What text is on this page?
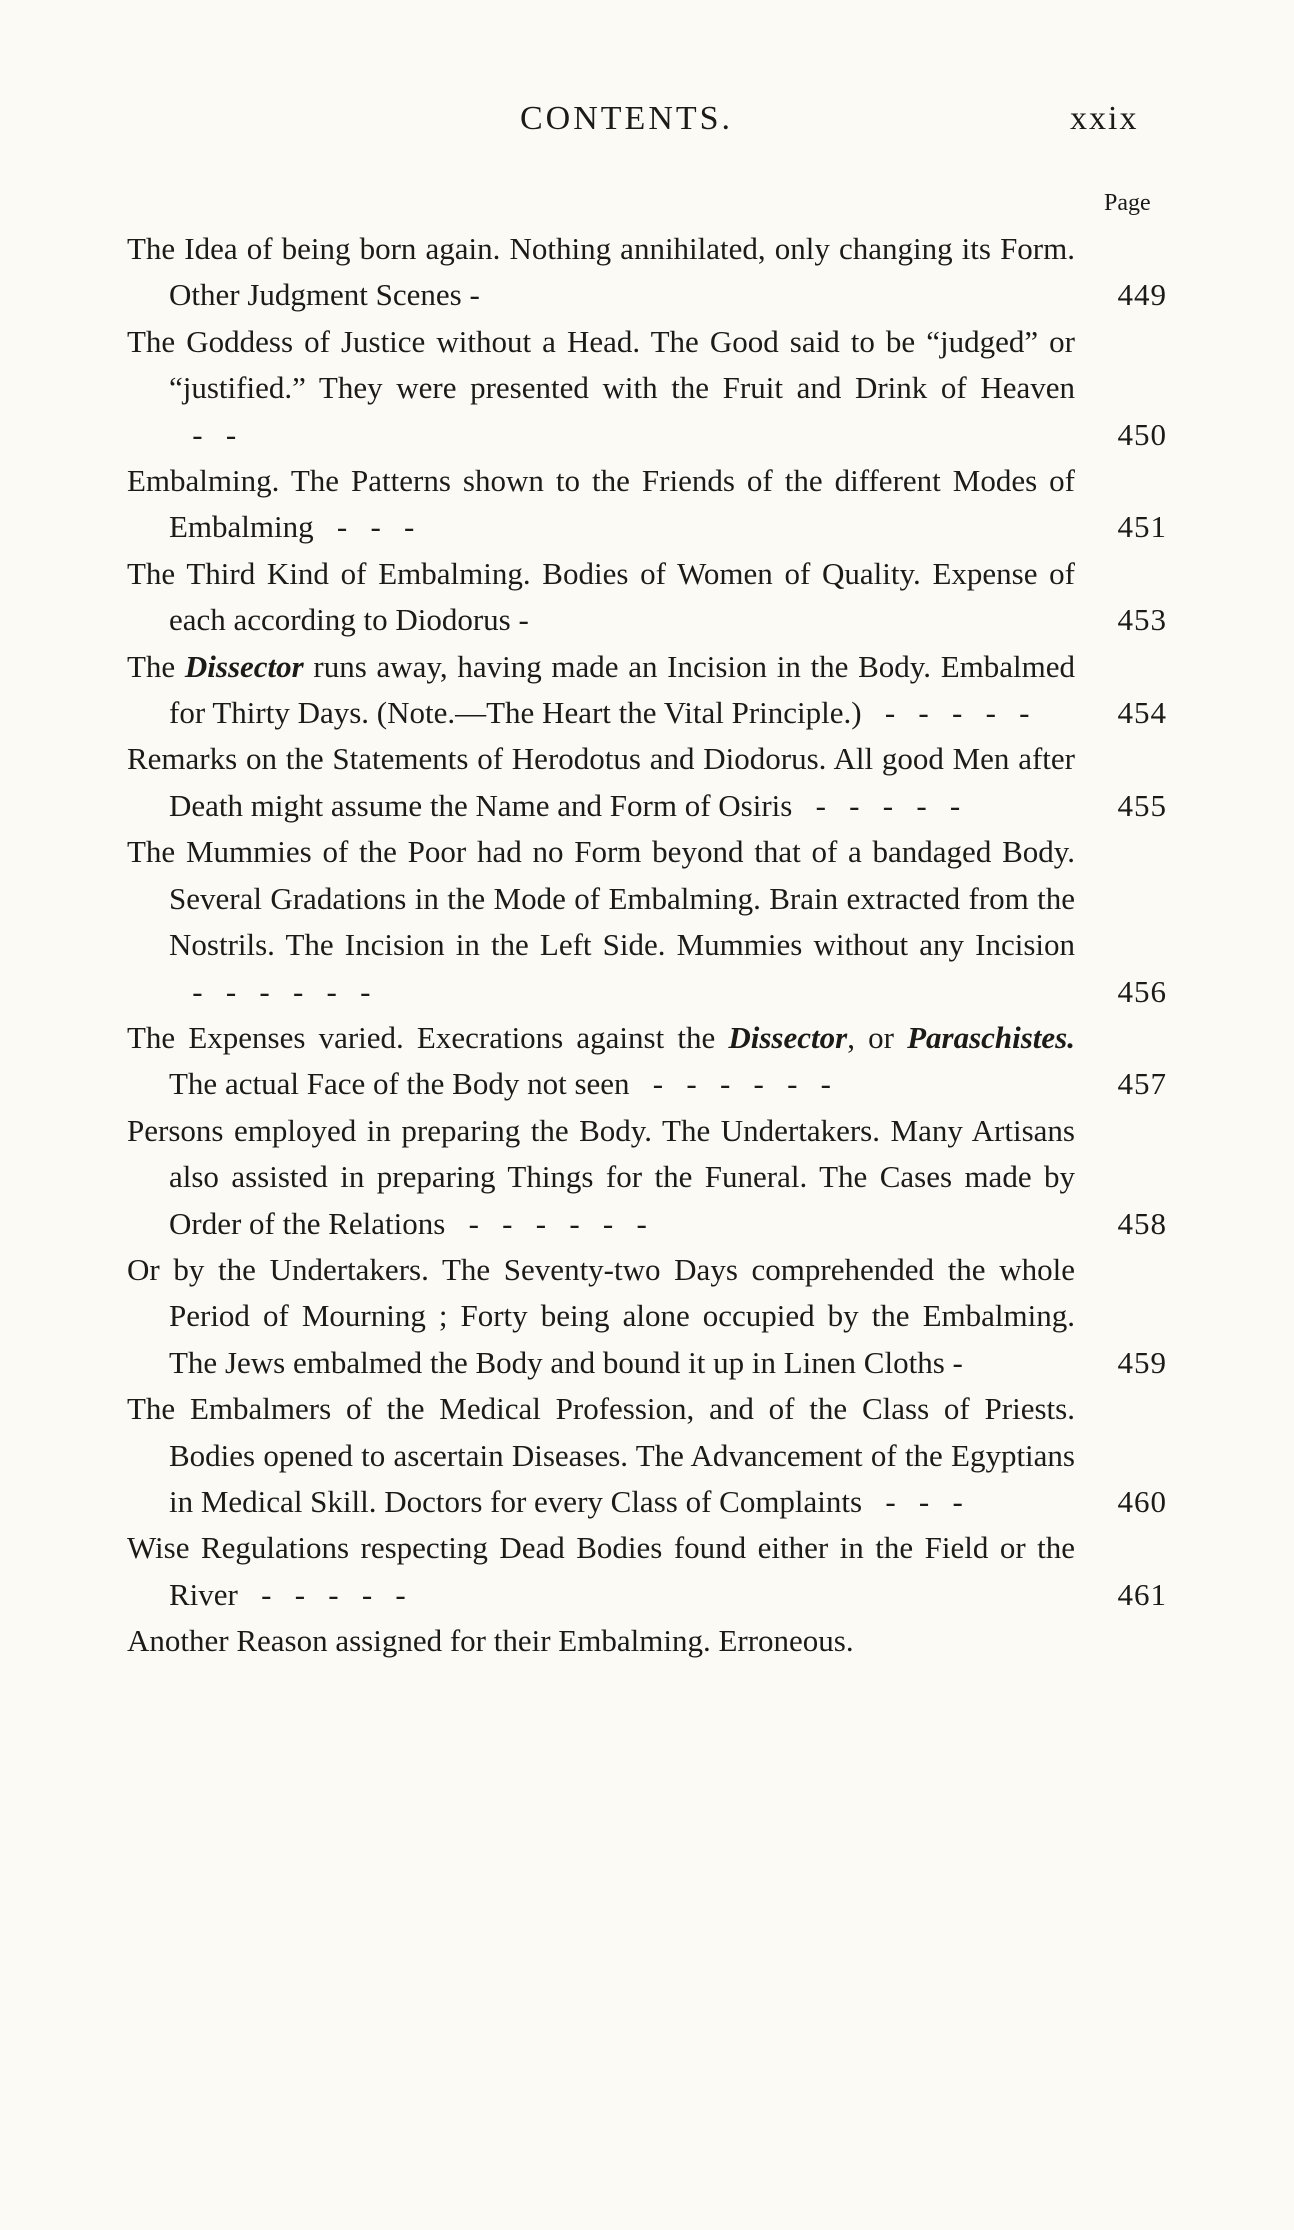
CONTENTS.	xxix
Page
The Idea of being born again. Nothing annihilated, only changing its Form. Other Judgment Scenes -	449
The Goddess of Justice without a Head. The Good said to be “judged” or “justified.” They were presented with the Fruit and Drink of Heaven   -   -	450
Embalming. The Patterns shown to the Friends of the different Modes of Embalming   -   -   -	451
The Third Kind of Embalming. Bodies of Women of Quality. Expense of each according to Diodorus -	453
The Dissector runs away, having made an Incision in the Body. Embalmed for Thirty Days. (Note.—The Heart the Vital Principle.)   -   -   -   -   -	454
Remarks on the Statements of Herodotus and Diodorus. All good Men after Death might assume the Name and Form of Osiris   -   -   -   -   -	455
The Mummies of the Poor had no Form beyond that of a bandaged Body. Several Gradations in the Mode of Embalming. Brain extracted from the Nostrils. The Incision in the Left Side. Mummies without any Incision   -   -   -   -   -   -	456
The Expenses varied. Execrations against the Dissector, or Paraschistes. The actual Face of the Body not seen   -   -   -   -   -   -	457
Persons employed in preparing the Body. The Undertakers. Many Artisans also assisted in preparing Things for the Funeral. The Cases made by Order of the Relations   -   -   -   -   -   -	458
Or by the Undertakers. The Seventy-two Days comprehended the whole Period of Mourning ; Forty being alone occupied by the Embalming. The Jews embalmed the Body and bound it up in Linen Cloths -	459
The Embalmers of the Medical Profession, and of the Class of Priests. Bodies opened to ascertain Diseases. The Advancement of the Egyptians in Medical Skill. Doctors for every Class of Complaints   -   -   -	460
Wise Regulations respecting Dead Bodies found either in the Field or the River   -   -   -   -   -	461
Another Reason assigned for their Embalming. Erroneous.
